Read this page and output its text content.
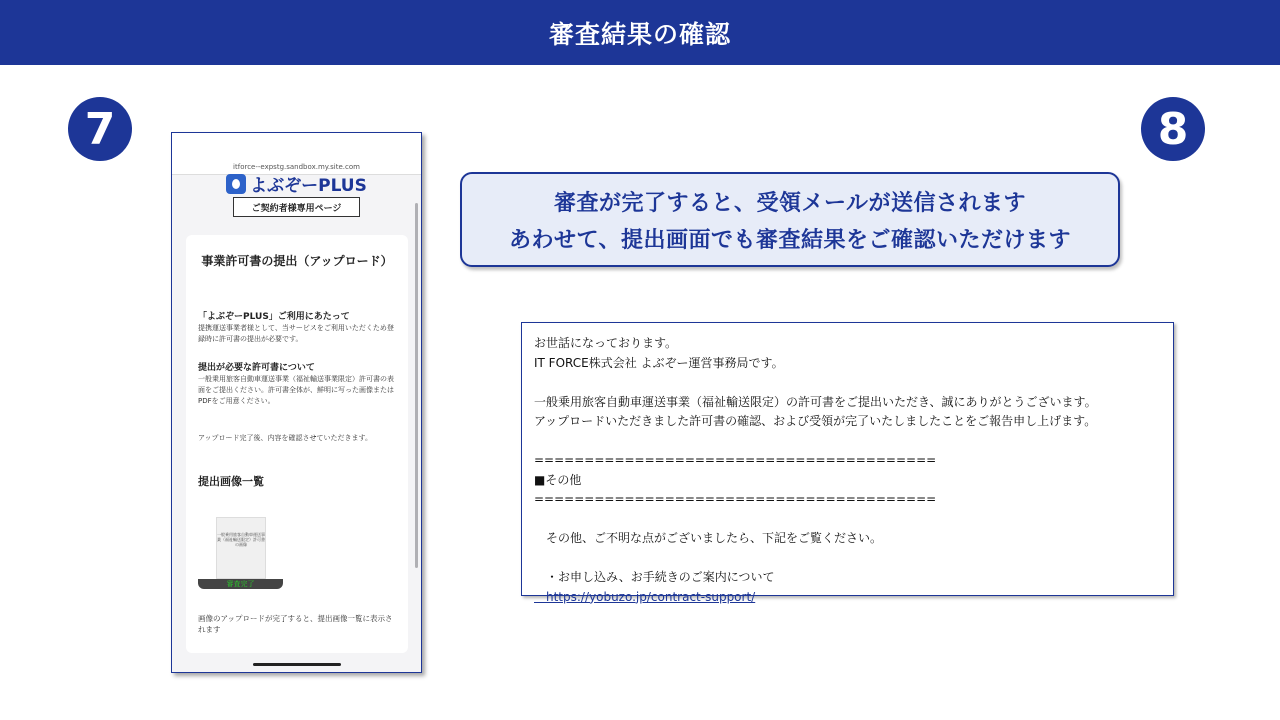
審査結果の確認
7	8
itforce--expstg.sandbox.my.site.com
よぶぞーPLUS
ご契約者様専用ページ
事業許可書の提出（アップロード）
「よぶぞーPLUS」ご利用にあたって
提携運送事業者様として、当サービスをご利用いただくため登録時に許可書の提出が必要です。
提出が必要な許可書について
一般乗用旅客自動車運送事業（福祉輸送事業限定）許可書の表面をご提出ください。許可書全体が、鮮明に写った画像またはPDFをご用意ください。
アップロード完了後、内容を確認させていただきます。
提出画像一覧
一般乗用旅客自動車運送事業（福祉輸送限定）許可書の画像
審査完了
画像のアップロードが完了すると、提出画像一覧に表示されます
審査が完了すると、受領メールが送信されます
あわせて、提出画面でも審査結果をご確認いただけます
お世話になっております。
IT FORCE株式会社 よぶぞー運営事務局です。
一般乗用旅客自動車運送事業（福祉輸送限定）の許可書をご提出いただき、誠にありがとうございます。
アップロードいただきました許可書の確認、および受領が完了いたしましたことをご報告申し上げます。
========================================
■その他
========================================
　その他、ご不明な点がございましたら、下記をご覧ください。
　・お申し込み、お手続きのご案内について
　https://yobuzo.jp/contract-support/
